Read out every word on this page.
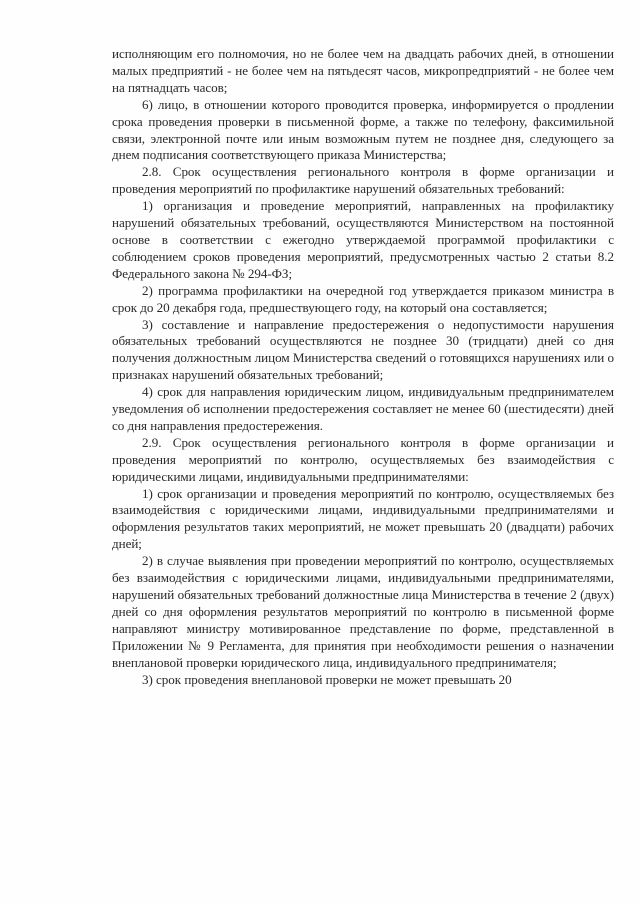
исполняющим его полномочия, но не более чем на двадцать рабочих дней, в отношении малых предприятий - не более чем на пятьдесят часов, микропредприятий - не более чем на пятнадцать часов;

6) лицо, в отношении которого проводится проверка, информируется о продлении срока проведения проверки в письменной форме, а также по телефону, факсимильной связи, электронной почте или иным возможным путем не позднее дня, следующего за днем подписания соответствующего приказа Министерства;

2.8. Срок осуществления регионального контроля в форме организации и проведения мероприятий по профилактике нарушений обязательных требований:

1) организация и проведение мероприятий, направленных на профилактику нарушений обязательных требований, осуществляются Министерством на постоянной основе в соответствии с ежегодно утверждаемой программой профилактики с соблюдением сроков проведения мероприятий, предусмотренных частью 2 статьи 8.2 Федерального закона № 294-ФЗ;

2) программа профилактики на очередной год утверждается приказом министра в срок до 20 декабря года, предшествующего году, на который она составляется;

3) составление и направление предостережения о недопустимости нарушения обязательных требований осуществляются не позднее 30 (тридцати) дней со дня получения должностным лицом Министерства сведений о готовящихся нарушениях или о признаках нарушений обязательных требований;

4) срок для направления юридическим лицом, индивидуальным предпринимателем уведомления об исполнении предостережения составляет не менее 60 (шестидесяти) дней со дня направления предостережения.

2.9. Срок осуществления регионального контроля в форме организации и проведения мероприятий по контролю, осуществляемых без взаимодействия с юридическими лицами, индивидуальными предпринимателями:

1) срок организации и проведения мероприятий по контролю, осуществляемых без взаимодействия с юридическими лицами, индивидуальными предпринимателями и оформления результатов таких мероприятий, не может превышать 20 (двадцати) рабочих дней;

2) в случае выявления при проведении мероприятий по контролю, осуществляемых без взаимодействия с юридическими лицами, индивидуальными предпринимателями, нарушений обязательных требований должностные лица Министерства в течение 2 (двух) дней со дня оформления результатов мероприятий по контролю в письменной форме направляют министру мотивированное представление по форме, представленной в Приложении № 9 Регламента, для принятия при необходимости решения о назначении внеплановой проверки юридического лица, индивидуального предпринимателя;

3) срок проведения внеплановой проверки не может превышать 20
